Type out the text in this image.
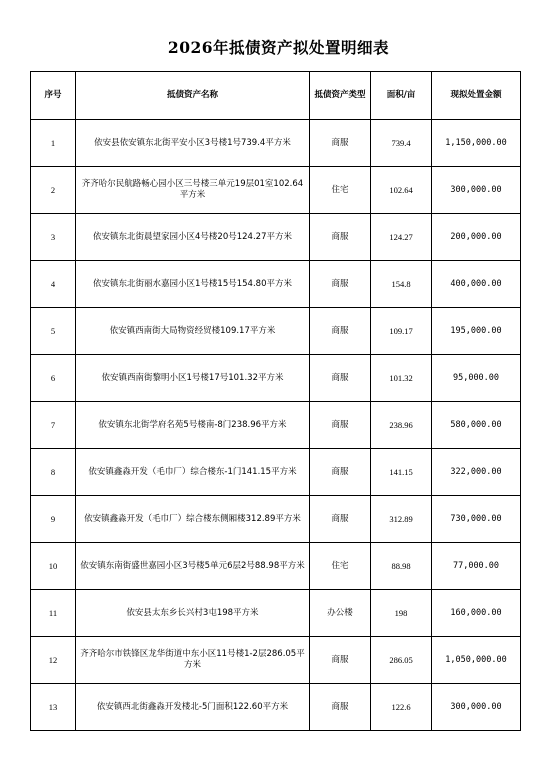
2026年抵债资产拟处置明细表
序号	抵债资产名称	抵债资产类型	面积/亩	现拟处置金额
1	依安县依安镇东北街平安小区3号楼1号739.4平方米	商服	739.4	1,150,000.00
2	齐齐哈尔民航路畅心园小区三号楼三单元19层01室102.64平方米	住宅	102.64	300,000.00
3	依安镇东北街晨望家园小区4号楼20号124.27平方米	商服	124.27	200,000.00
4	依安镇东北街丽水嘉园小区1号楼15号154.80平方米	商服	154.8	400,000.00
5	依安镇西南街大局物资经贸楼109.17平方米	商服	109.17	195,000.00
6	依安镇西南街黎明小区1号楼17号101.32平方米	商服	101.32	95,000.00
7	依安镇东北街学府名苑5号楼南-8门238.96平方米	商服	238.96	580,000.00
8	依安镇鑫淼开发（毛巾厂）综合楼东-1门141.15平方米	商服	141.15	322,000.00
9	依安镇鑫淼开发（毛巾厂）综合楼东侧厢楼312.89平方米	商服	312.89	730,000.00
10	依安镇东南街盛世嘉园小区3号楼5单元6层2号88.98平方米	住宅	88.98	77,000.00
11	依安县太东乡长兴村3屯198平方米	办公楼	198	160,000.00
12	齐齐哈尔市铁锋区龙华街道中东小区11号楼1-2层286.05平方米	商服	286.05	1,050,000.00
13	依安镇西北街鑫淼开发楼北-5门面积122.60平方米	商服	122.6	300,000.00
